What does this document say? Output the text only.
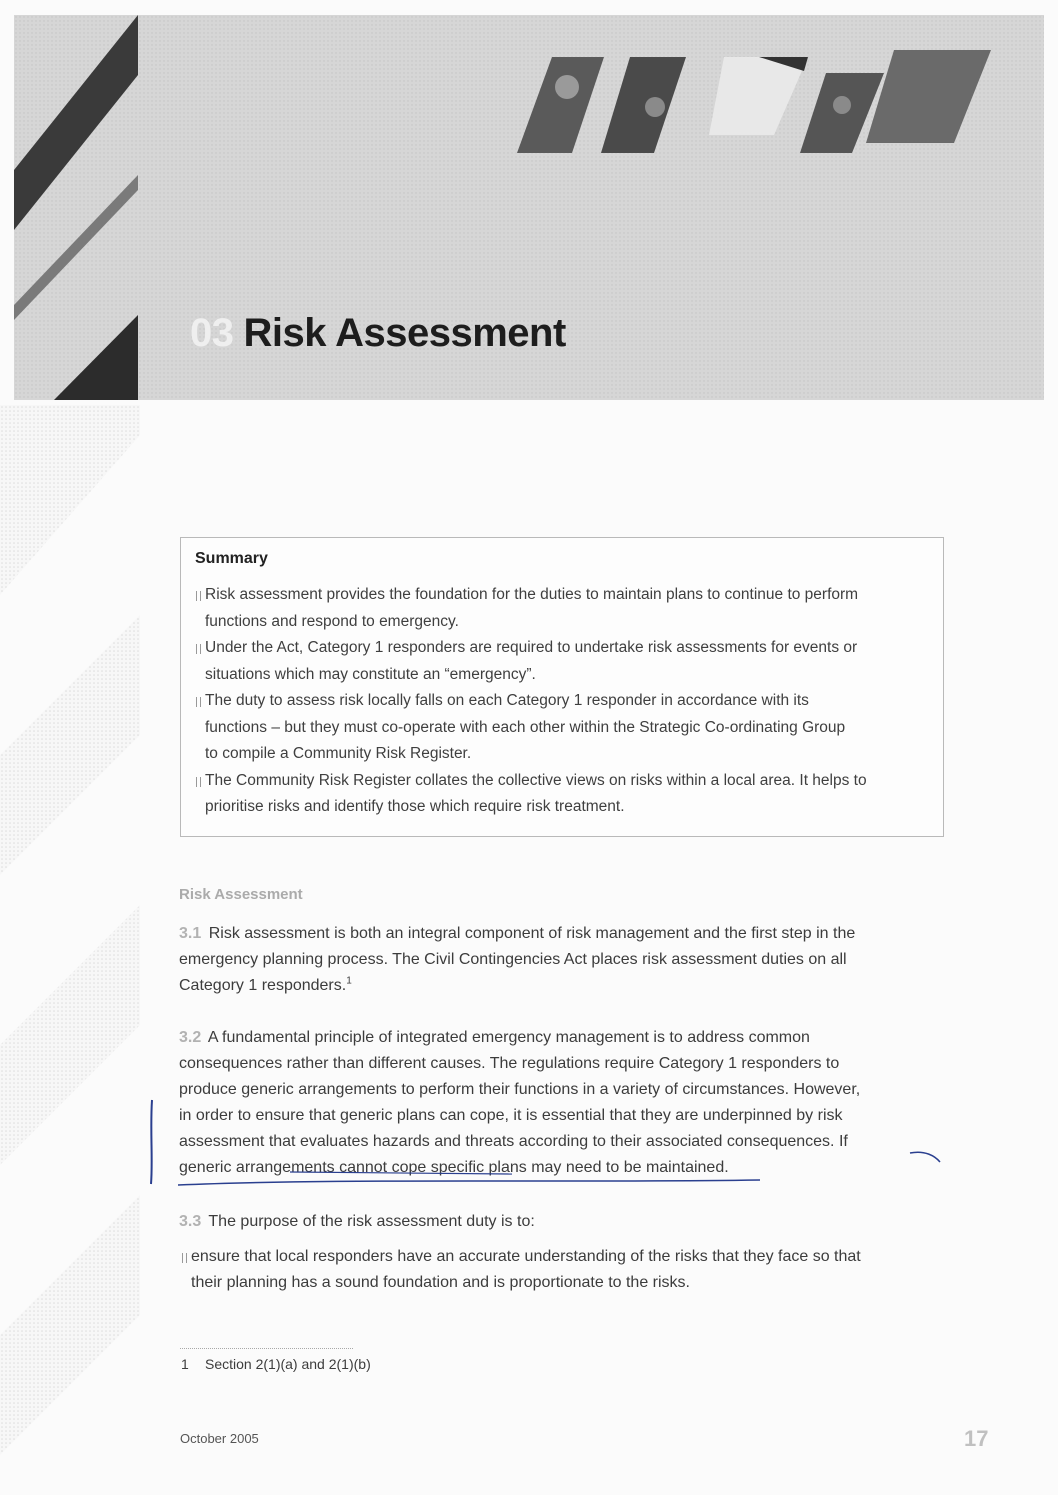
03 Risk Assessment
Summary
Risk assessment provides the foundation for the duties to maintain plans to continue to perform
functions and respond to emergency.
Under the Act, Category 1 responders are required to undertake risk assessments for events or
situations which may constitute an “emergency”.
The duty to assess risk locally falls on each Category 1 responder in accordance with its
functions – but they must co-operate with each other within the Strategic Co-ordinating Group
to compile a Community Risk Register.
The Community Risk Register collates the collective views on risks within a local area. It helps to
prioritise risks and identify those which require risk treatment.
Risk Assessment

3.1 Risk assessment is both an integral component of risk management and the first step in the

emergency planning process. The Civil Contingencies Act places risk assessment duties on all

Category 1 responders.$^1$

3.2 A fundamental principle of integrated emergency management is to address common

consequences rather than different causes. The regulations require Category 1 responders to

produce generic arrangements to perform their functions in a variety of circumstances. However,

in order to ensure that generic plans can cope, it is essential that they are underpinned by risk

assessment that evaluates hazards and threats according to their associated consequences. If

generic arrangements cannot cope specific plans may need to be maintained.

3.3 The purpose of the risk assessment duty is to:

ensure that local responders have an accurate understanding of the risks that they face so that
their planning has a sound foundation and is proportionate to the risks.
1 Section 2(1)(a) and 2(1)(b)
October 2005	17
